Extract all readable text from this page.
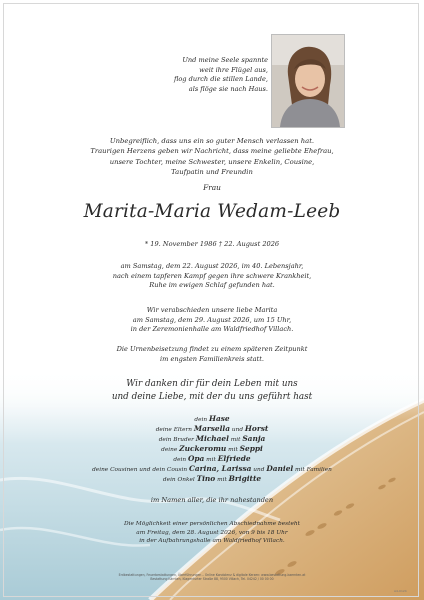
Und meine Seele spannte
weit ihre Flügel aus,
flog durch die stillen Lande,
als flöge sie nach Haus.
Unbegreiflich, dass uns ein so guter Mensch verlassen hat.
Traurigen Herzens geben wir Nachricht, dass meine geliebte Ehefrau,
unsere Tochter, meine Schwester, unsere Enkelin, Cousine,
Taufpatin und Freundin
Frau
Marita-Maria Wedam-Leeb
* 19. November 1986 † 22. August 2026
am Samstag, dem 22. August 2026, im 40. Lebensjahr,
nach einem tapferen Kampf gegen ihre schwere Krankheit,
Ruhe im ewigen Schlaf gefunden hat.
Wir verabschieden unsere liebe Marita
am Samstag, dem 29. August 2026, um 15 Uhr,
in der Zeremonienhalle am Waldfriedhof Villach.
Die Urnenbeisetzung findet zu einem späteren Zeitpunkt
im engsten Familienkreis statt.
Wir danken dir für dein Leben mit uns
und deine Liebe, mit der du uns geführt hast
dein Hase
deine Eltern Marsella und Horst
dein Bruder Michael mit Sanja
deine Zuckeromu mit Seppi
dein Opa mit Elfriede
deine Cousinen und dein Cousin Carina, Larissa und Daniel mit Familien
dein Onkel Tino mit Brigitte
im Namen aller, die ihr nahestanden
Die Möglichkeit einer persönlichen Abschiednahme besteht
am Freitag, dem 28. August 2026, von 9 bis 18 Uhr
in der Aufbahrungshalle am Waldfriedhof Villach.
Erdbestattungen, Feuerbestattungen, Überführungen – Online Kondolenz & digitale Kerzen: www.bestattung-kaernten.at
Bestattung Kärnten, Klagenfurter Straße 88, 9500 Villach, Tel. 04242 / 00 00 00
A4-0124
